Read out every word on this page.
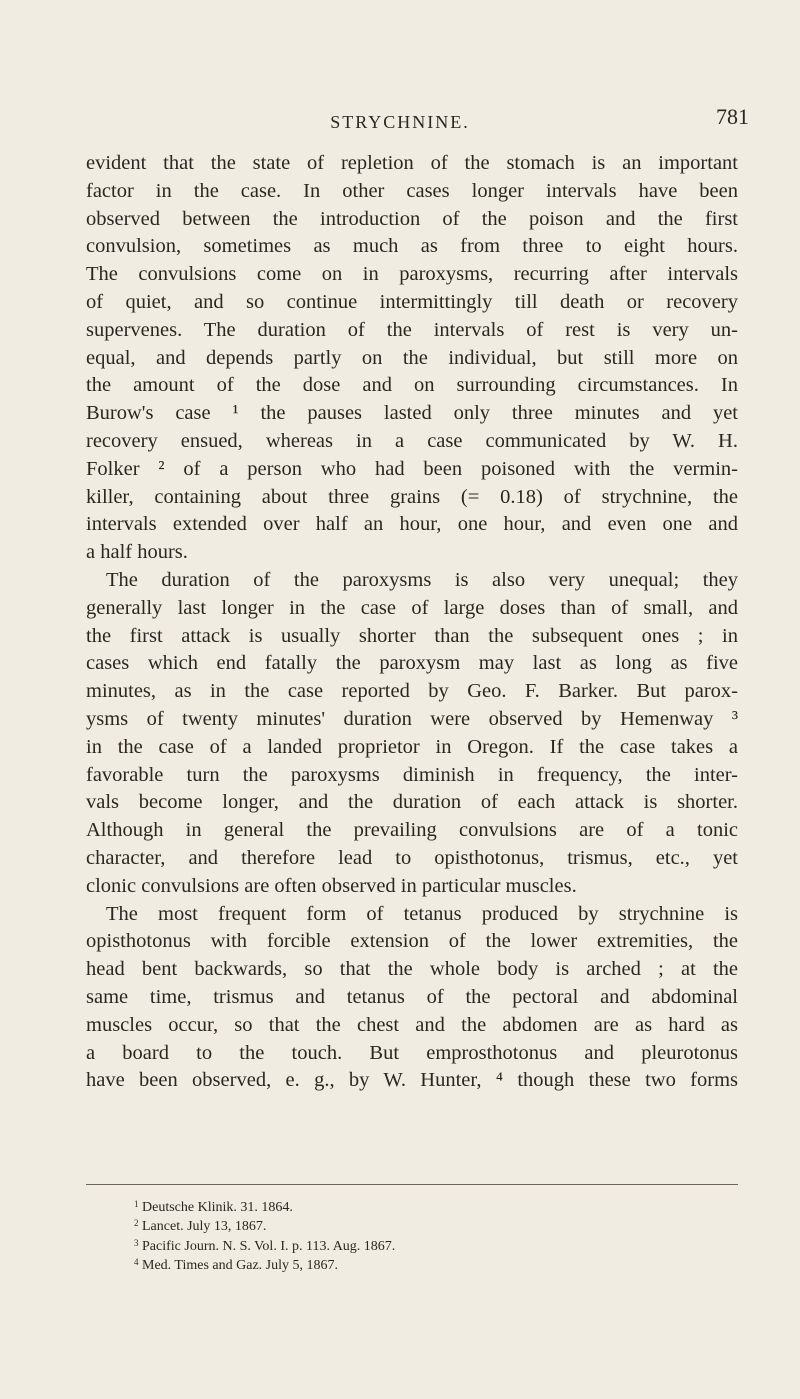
STRYCHNINE.	781
evident that the state of repletion of the stomach is an important
factor in the case. In other cases longer intervals have been
observed between the introduction of the poison and the first
convulsion, sometimes as much as from three to eight hours.
The convulsions come on in paroxysms, recurring after intervals
of quiet, and so continue intermittingly till death or recovery
supervenes. The duration of the intervals of rest is very un-
equal, and depends partly on the individual, but still more on
the amount of the dose and on surrounding circumstances. In
Burow's case ¹ the pauses lasted only three minutes and yet
recovery ensued, whereas in a case communicated by W. H.
Folker ² of a person who had been poisoned with the vermin-
killer, containing about three grains (= 0.18) of strychnine, the
intervals extended over half an hour, one hour, and even one and
a half hours.
The duration of the paroxysms is also very unequal; they
generally last longer in the case of large doses than of small, and
the first attack is usually shorter than the subsequent ones ; in
cases which end fatally the paroxysm may last as long as five
minutes, as in the case reported by Geo. F. Barker. But parox-
ysms of twenty minutes' duration were observed by Hemenway ³
in the case of a landed proprietor in Oregon. If the case takes a
favorable turn the paroxysms diminish in frequency, the inter-
vals become longer, and the duration of each attack is shorter.
Although in general the prevailing convulsions are of a tonic
character, and therefore lead to opisthotonus, trismus, etc., yet
clonic convulsions are often observed in particular muscles.
The most frequent form of tetanus produced by strychnine is
opisthotonus with forcible extension of the lower extremities, the
head bent backwards, so that the whole body is arched ; at the
same time, trismus and tetanus of the pectoral and abdominal
muscles occur, so that the chest and the abdomen are as hard as
a board to the touch. But emprosthotonus and pleurotonus
have been observed, e. g., by W. Hunter, ⁴ though these two forms
$^1$ Deutsche Klinik. 31. 1864.
$^2$ Lancet. July 13, 1867.
$^3$ Pacific Journ. N. S. Vol. I. p. 113. Aug. 1867.
$^4$ Med. Times and Gaz. July 5, 1867.
